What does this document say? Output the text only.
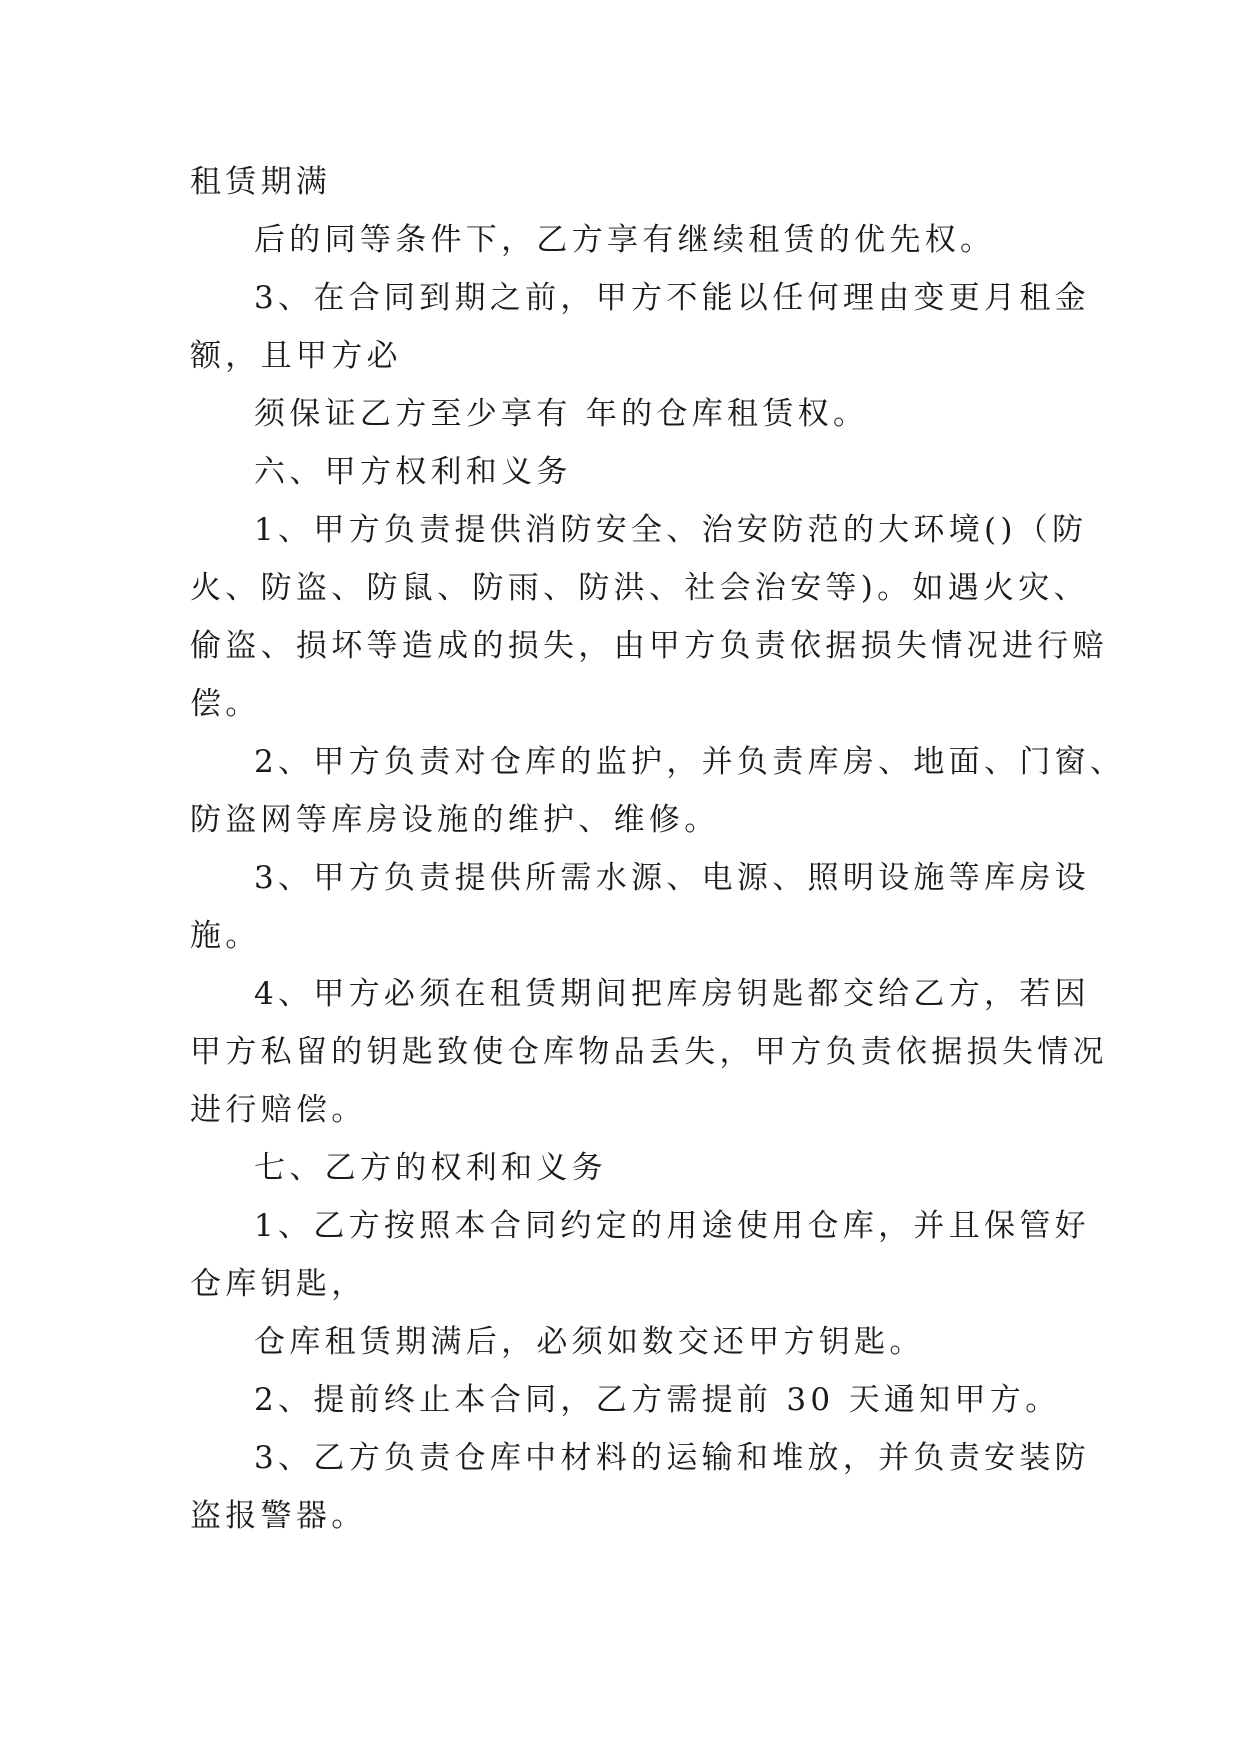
租赁期满
后的同等条件下，乙方享有继续租赁的优先权。
3、在合同到期之前，甲方不能以任何理由变更月租金
额，且甲方必
须保证乙方至少享有 年的仓库租赁权。
六、甲方权利和义务
1、甲方负责提供消防安全、治安防范的大环境()（防
火、防盗、防鼠、防雨、防洪、社会治安等)。如遇火灾、
偷盗、损坏等造成的损失，由甲方负责依据损失情况进行赔
偿。
2、甲方负责对仓库的监护，并负责库房、地面、门窗、
防盗网等库房设施的维护、维修。
3、甲方负责提供所需水源、电源、照明设施等库房设
施。
4、甲方必须在租赁期间把库房钥匙都交给乙方，若因
甲方私留的钥匙致使仓库物品丢失，甲方负责依据损失情况
进行赔偿。
七、乙方的权利和义务
1、乙方按照本合同约定的用途使用仓库，并且保管好
仓库钥匙，
仓库租赁期满后，必须如数交还甲方钥匙。
2、提前终止本合同，乙方需提前 30 天通知甲方。
3、乙方负责仓库中材料的运输和堆放，并负责安装防
盗报警器。
